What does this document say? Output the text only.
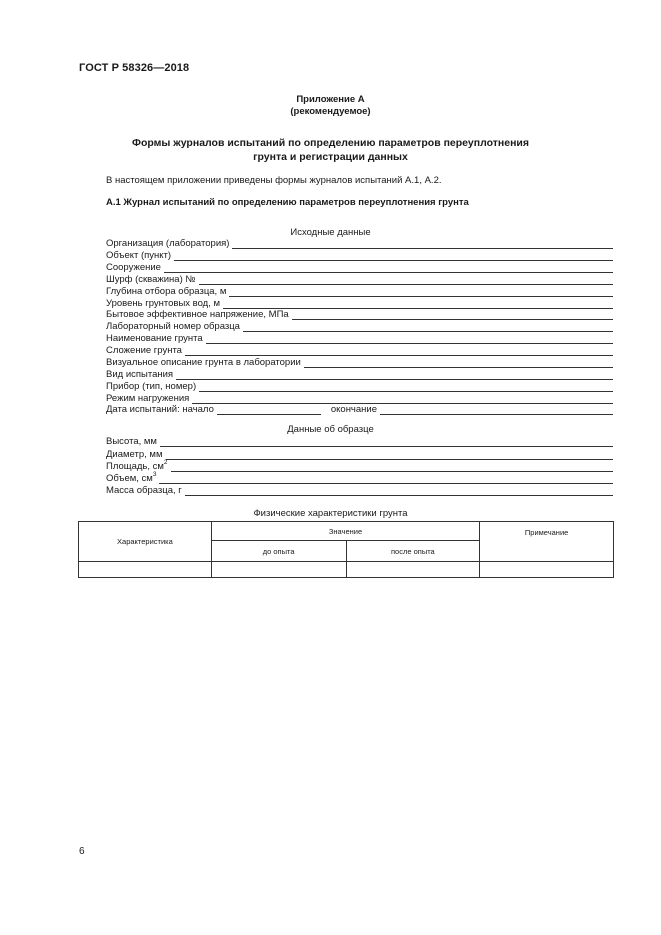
ГОСТ Р 58326—2018
Приложение А
(рекомендуемое)
Формы журналов испытаний по определению параметров переуплотнения
грунта и регистрации данных
В настоящем приложении приведены формы журналов испытаний А.1, А.2.
А.1 Журнал испытаний по определению параметров переуплотнения грунта
Исходные данные
Организация (лаборатория)
Объект (пункт)
Сооружение
Шурф (скважина) №
Глубина отбора образца, м
Уровень грунтовых вод, м
Бытовое эффективное напряжение, МПа
Лабораторный номер образца
Наименование грунта
Сложение грунта
Визуальное описание грунта в лаборатории
Вид испытания
Прибор (тип, номер)
Режим нагружения
Дата испытаний: начало	окончание
Данные об образце
Высота, мм
Диаметр, мм
Площадь, $см^2$
Объем, $см^3$
Масса образца, г
Физические характеристики грунта
Характеристика	Значение		Примечание
	до опыта	после опыта	

6
